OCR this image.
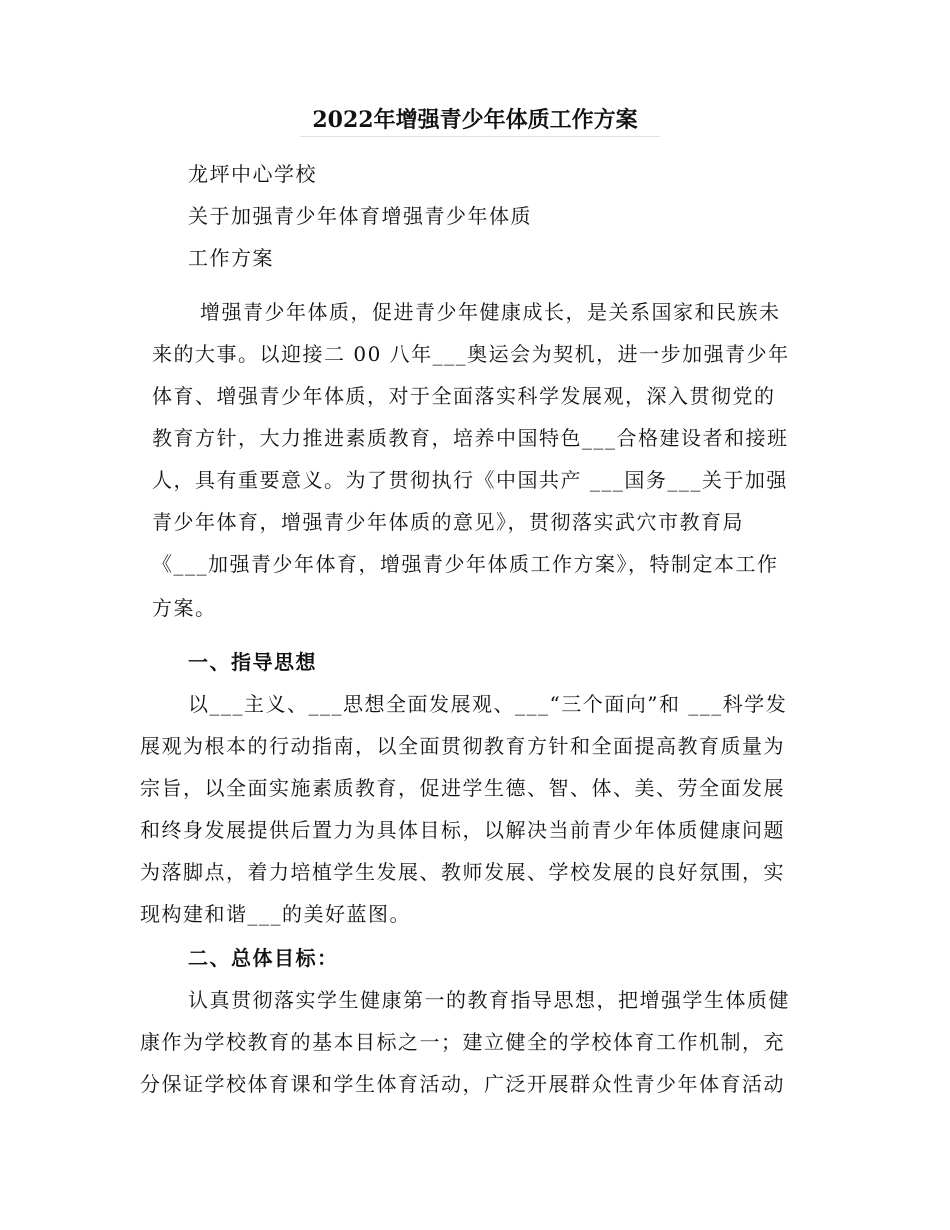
2022年增强青少年体质工作方案
龙坪中心学校
关于加强青少年体育增强青少年体质
工作方案
增强青少年体质，促进青少年健康成长，是关系国家和民族未
来的大事。以迎接二 00 八年___奥运会为契机，进一步加强青少年
体育、增强青少年体质，对于全面落实科学发展观，深入贯彻党的
教育方针，大力推进素质教育，培养中国特色___合格建设者和接班
人，具有重要意义。为了贯彻执行《中国共产 ___国务___关于加强
青少年体育，增强青少年体质的意见》，贯彻落实武穴市教育局
《___加强青少年体育，增强青少年体质工作方案》，特制定本工作
方案。
一、指导思想
以___主义、___思想全面发展观、___“三个面向”和 ___科学发
展观为根本的行动指南，以全面贯彻教育方针和全面提高教育质量为
宗旨，以全面实施素质教育，促进学生德、智、体、美、劳全面发展
和终身发展提供后置力为具体目标，以解决当前青少年体质健康问题
为落脚点，着力培植学生发展、教师发展、学校发展的良好氛围，实
现构建和谐___的美好蓝图。
二、总体目标：
认真贯彻落实学生健康第一的教育指导思想，把增强学生体质健
康作为学校教育的基本目标之一；建立健全的学校体育工作机制，充
分保证学校体育课和学生体育活动，广泛开展群众性青少年体育活动
